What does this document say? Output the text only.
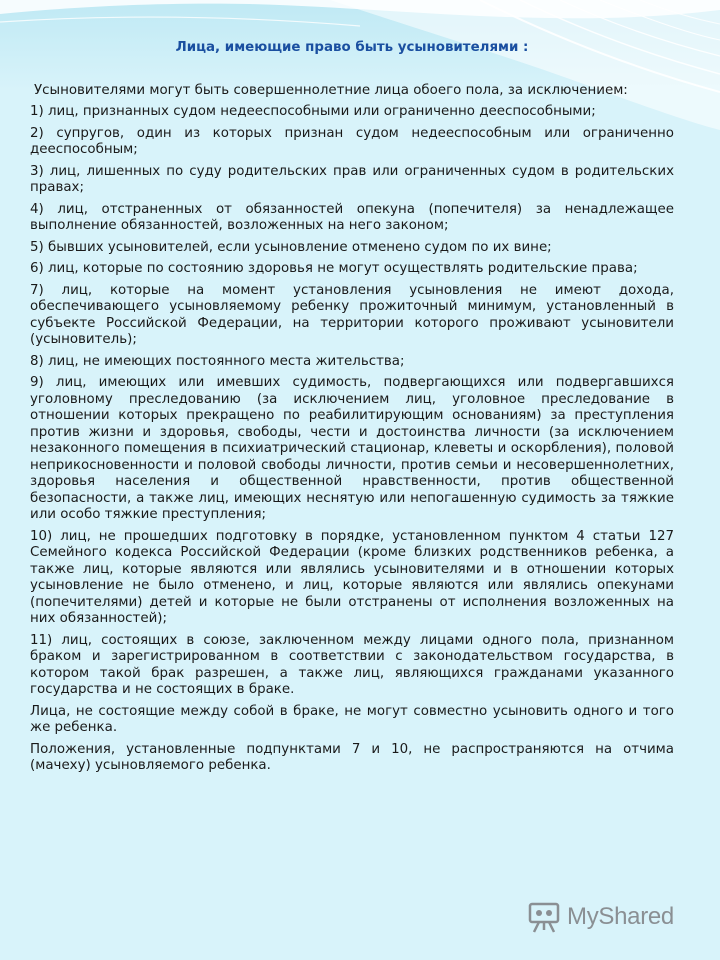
Лица, имеющие право быть усыновителями :
Усыновителями могут быть совершеннолетние лица обоего пола, за исключением:
1) лиц, признанных судом недееспособными или ограниченно дееспособными;
2) супругов, один из которых признан судом недееспособным или ограниченно дееспособным;
3) лиц, лишенных по суду родительских прав или ограниченных судом в родительских правах;
4) лиц, отстраненных от обязанностей опекуна (попечителя) за ненадлежащее выполнение обязанностей, возложенных на него законом;
5) бывших усыновителей, если усыновление отменено судом по их вине;
6) лиц, которые по состоянию здоровья не могут осуществлять родительские права;
7) лиц, которые на момент установления усыновления не имеют дохода, обеспечивающего усыновляемому ребенку прожиточный минимум, установленный в субъекте Российской Федерации, на территории которого проживают усыновители (усыновитель);
8) лиц, не имеющих постоянного места жительства;
9) лиц, имеющих или имевших судимость, подвергающихся или подвергавшихся уголовному преследованию (за исключением лиц, уголовное преследование в отношении которых прекращено по реабилитирующим основаниям) за преступления против жизни и здоровья, свободы, чести и достоинства личности (за исключением незаконного помещения в психиатрический стационар, клеветы и оскорбления), половой неприкосновенности и половой свободы личности, против семьи и несовершеннолетних, здоровья населения и общественной нравственности, против общественной безопасности, а также лиц, имеющих неснятую или непогашенную судимость за тяжкие или особо тяжкие преступления;
10) лиц, не прошедших подготовку в порядке, установленном пунктом 4 статьи 127 Семейного кодекса Российской Федерации (кроме близких родственников ребенка, а также лиц, которые являются или являлись усыновителями и в отношении которых усыновление не было отменено, и лиц, которые являются или являлись опекунами (попечителями) детей и которые не были отстранены от исполнения возложенных на них обязанностей);
11) лиц, состоящих в союзе, заключенном между лицами одного пола, признанном браком и зарегистрированном в соответствии с законодательством государства, в котором такой брак разрешен, а также лиц, являющихся гражданами указанного государства и не состоящих в браке.
Лица, не состоящие между собой в браке, не могут совместно усыновить одного и того же ребенка.
Положения, установленные подпунктами 7 и 10, не распространяются на отчима (мачеху) усыновляемого ребенка.
MyShared
